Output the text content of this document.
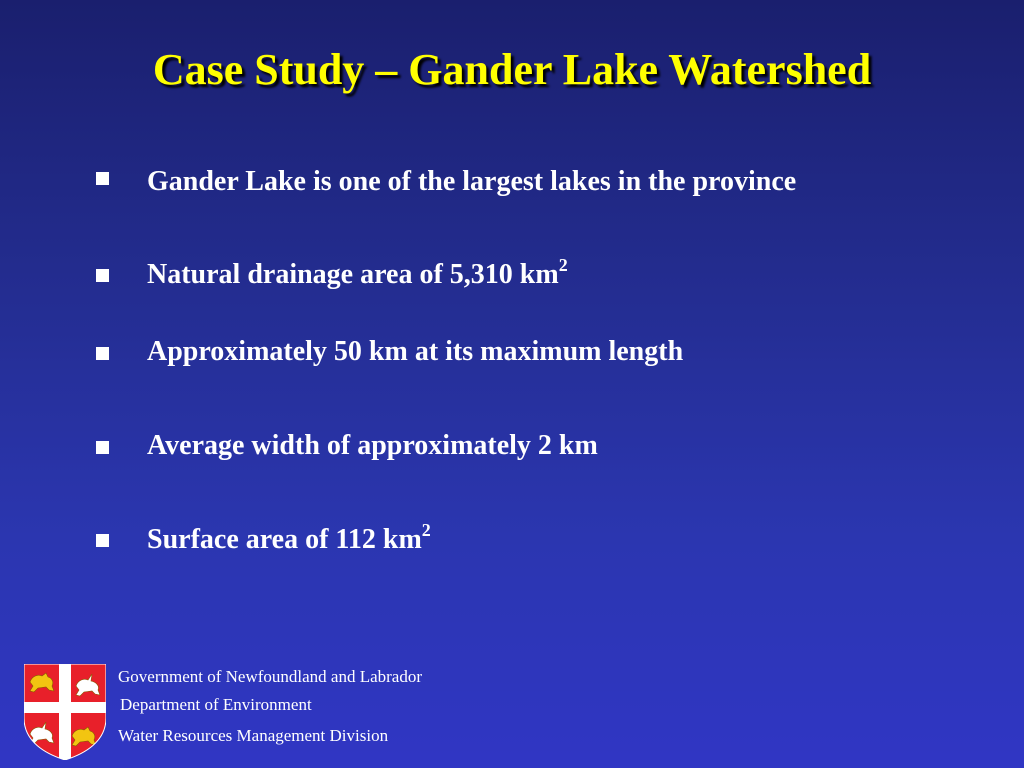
Case Study – Gander Lake Watershed
Gander Lake is one of the largest lakes in the province
Natural drainage area of 5,310 $km^2$
Approximately 50 km at its maximum length
Average width of approximately 2 km
Surface area of 112 $km^2$
Government of Newfoundland and Labrador
Department of Environment
Water Resources Management Division
